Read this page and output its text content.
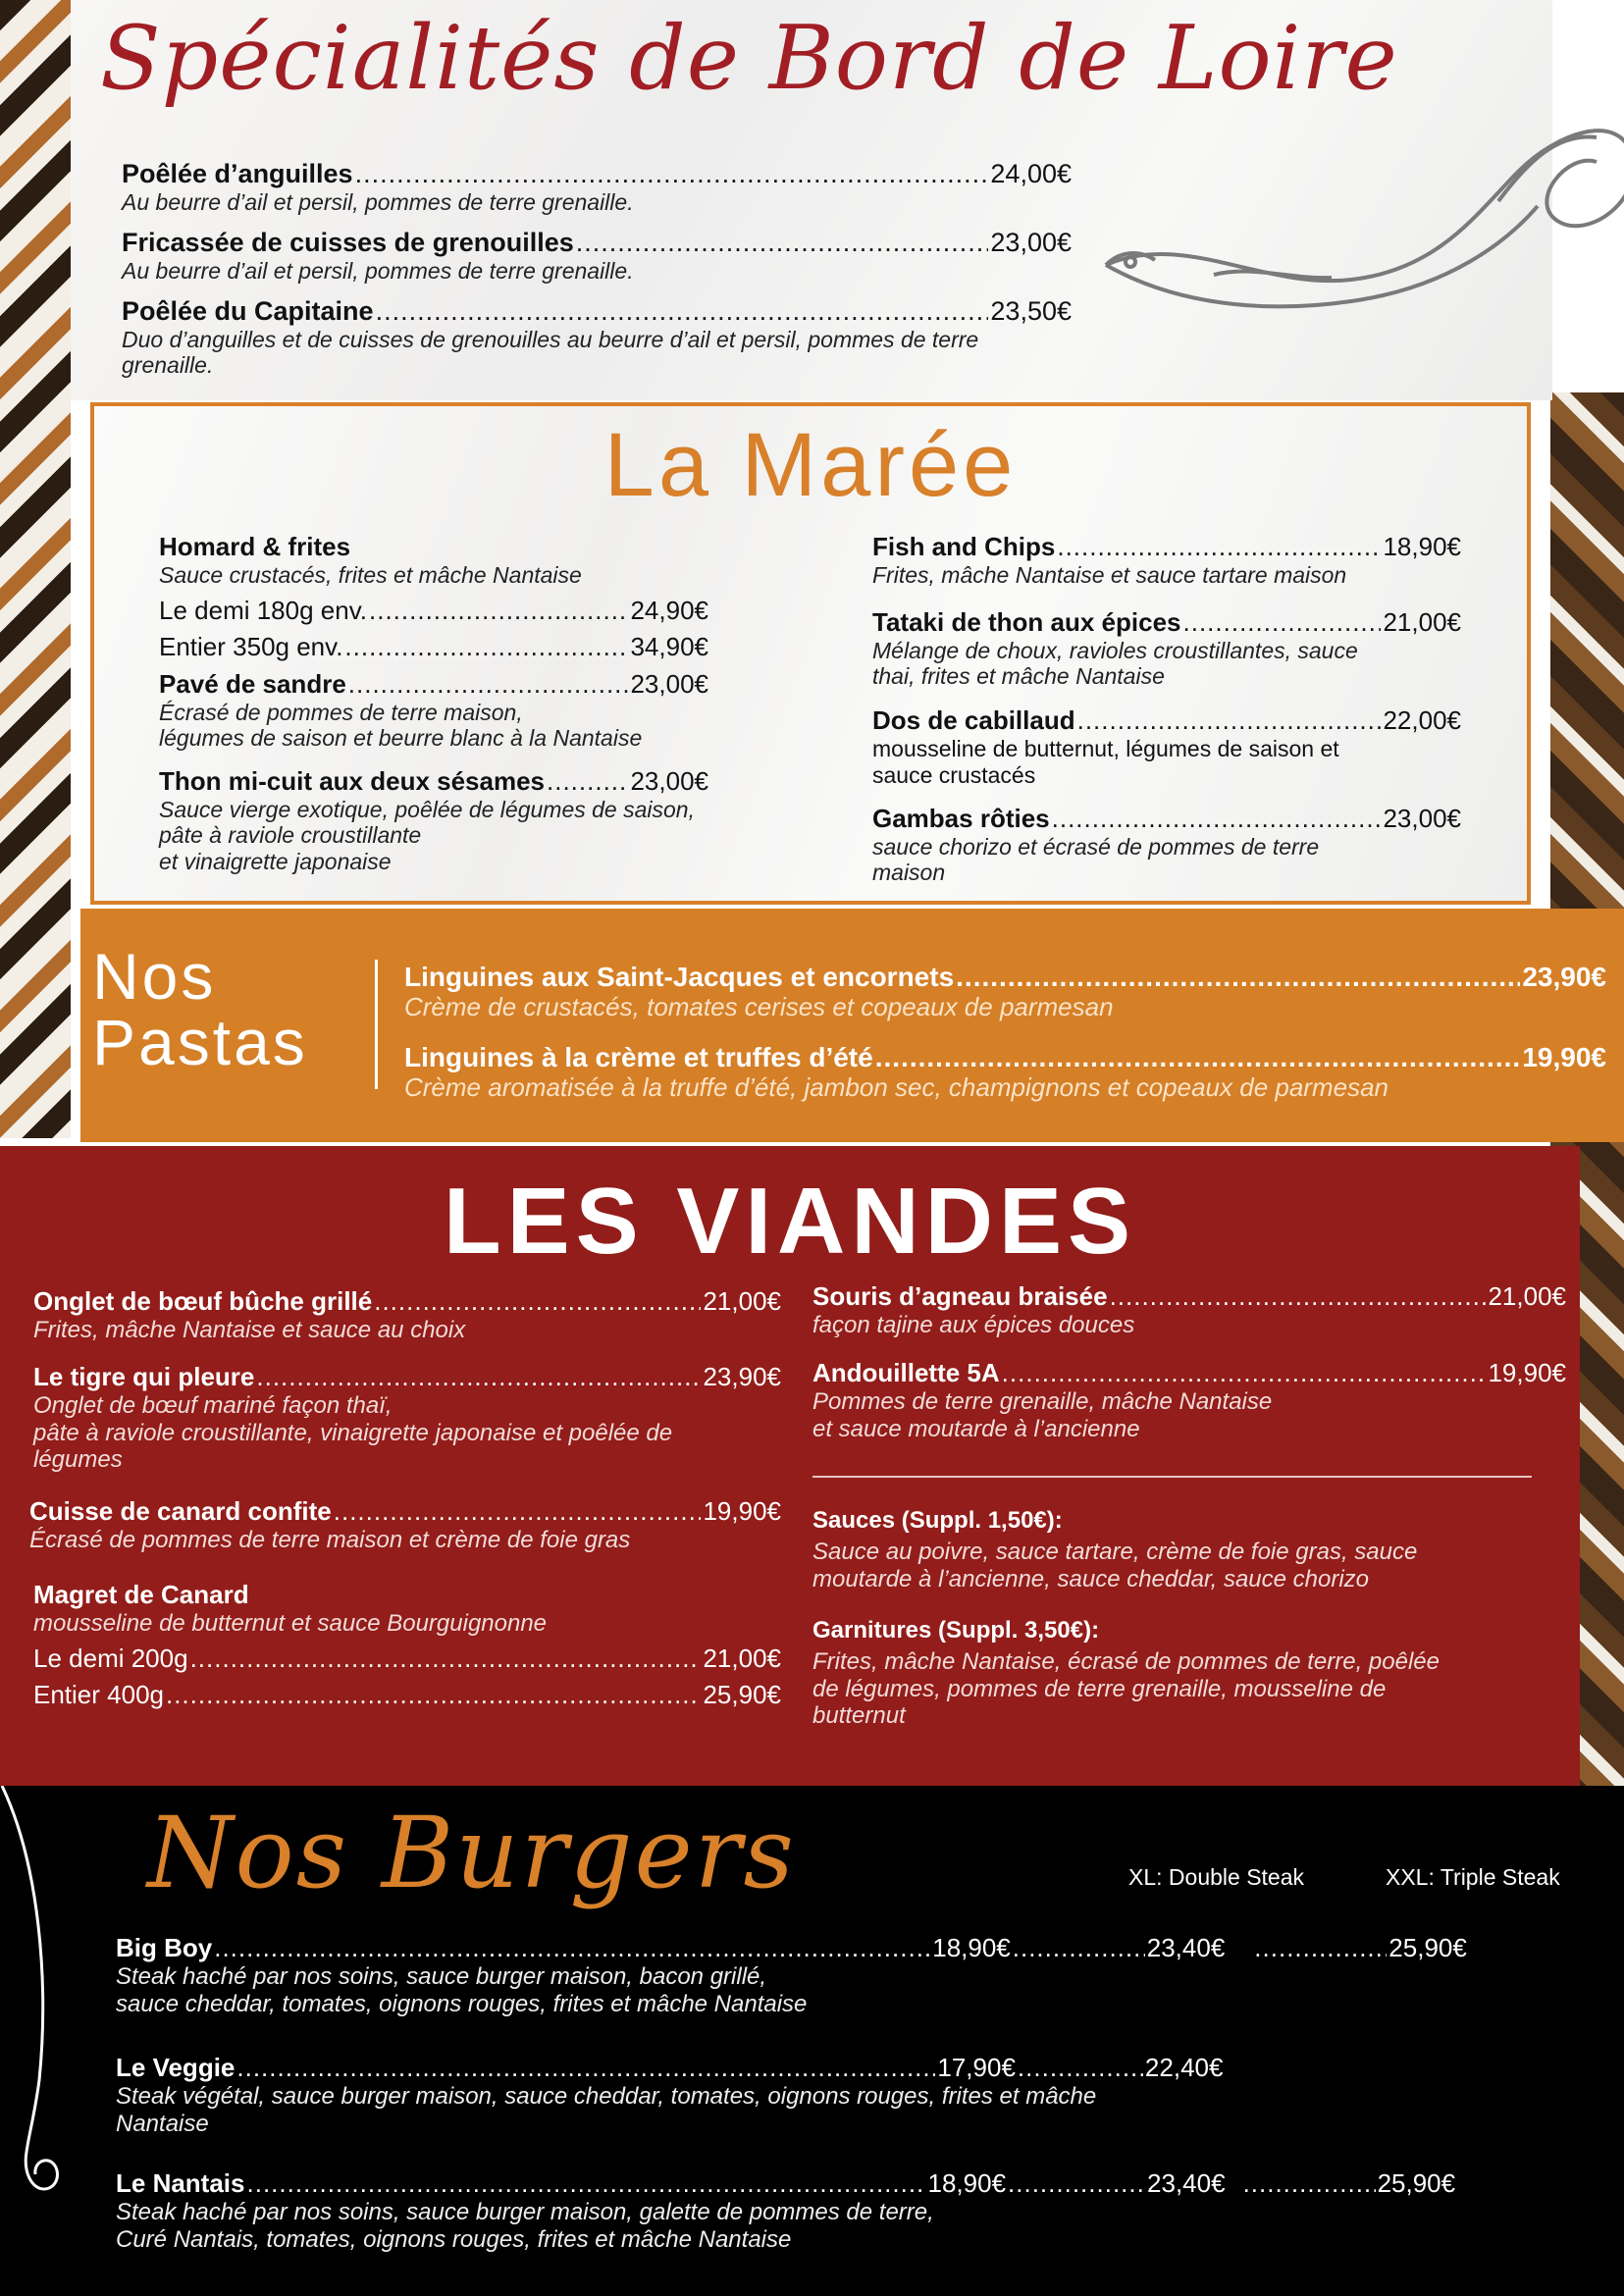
Spécialités de Bord de Loire
Poêlée d’anguilles .....	24,00€
Au beurre d’ail et persil, pommes de terre grenaille.
Fricassée de cuisses de grenouilles .....	23,00€
Au beurre d’ail et persil, pommes de terre grenaille.
Poêlée du Capitaine .....	23,50€
Duo d’anguilles et de cuisses de grenouilles au beurre d’ail et persil, pommes de terre grenaille.
La Marée
Homard & frites
Sauce crustacés, frites et mâche Nantaise
Le demi 180g env. .....	24,90€
Entier 350g env. .....	34,90€
Pavé de sandre .....	23,00€
Écrasé de pommes de terre maison,
légumes de saison et beurre blanc à la Nantaise
Thon mi-cuit aux deux sésames .....	23,00€
Sauce vierge exotique, poêlée de légumes de saison,
pâte à raviole croustillante
et vinaigrette japonaise
Fish and Chips .....	18,90€
Frites, mâche Nantaise et sauce tartare maison
Tataki de thon aux épices .....	21,00€
Mélange de choux, ravioles croustillantes, sauce
thai, frites et mâche Nantaise
Dos de cabillaud .....	22,00€
mousseline de butternut, légumes de saison et
sauce crustacés
Gambas rôties .....	23,00€
sauce chorizo et écrasé de pommes de terre
maison
Nos
Pastas
Linguines aux Saint-Jacques et encornets .....	23,90€
Crème de crustacés, tomates cerises et copeaux de parmesan
Linguines à la crème et truffes d’été .....	19,90€
Crème aromatisée à la truffe d’été, jambon sec, champignons et copeaux de parmesan
LES VIANDES
Onglet de bœuf bûche grillé .....	21,00€
Frites, mâche Nantaise et sauce au choix
Le tigre qui pleure .....	23,90€
Onglet de bœuf mariné façon thaï,
pâte à raviole croustillante, vinaigrette japonaise et poêlée de
légumes
Cuisse de canard confite .....	19,90€
Écrasé de pommes de terre maison et crème de foie gras
Magret de Canard
mousseline de butternut et sauce Bourguignonne
Le demi 200g .....	21,00€
Entier 400g .....	25,90€
Souris d’agneau braisée .....	21,00€
façon tajine aux épices douces
Andouillette 5A .....	19,90€
Pommes de terre grenaille, mâche Nantaise
et sauce moutarde à l’ancienne
Sauces (Suppl. 1,50€):
Sauce au poivre, sauce tartare, crème de foie gras, sauce
moutarde à l’ancienne, sauce cheddar, sauce chorizo
Garnitures (Suppl. 3,50€):
Frites, mâche Nantaise, écrasé de pommes de terre, poêlée
de légumes, pommes de terre grenaille, mousseline de
butternut
Nos Burgers	XL: Double Steak	XXL: Triple Steak
Big Boy .....	18,90€ .....	23,40€ .....	25,90€
Steak haché par nos soins, sauce burger maison, bacon grillé,
sauce cheddar, tomates, oignons rouges, frites et mâche Nantaise
Le Veggie .....	17,90€ .....	22,40€
Steak végétal, sauce burger maison, sauce cheddar, tomates, oignons rouges, frites et mâche
Nantaise
Le Nantais .....	18,90€ .....	23,40€ .....	25,90€
Steak haché par nos soins, sauce burger maison, galette de pommes de terre,
Curé Nantais, tomates, oignons rouges, frites et mâche Nantaise
